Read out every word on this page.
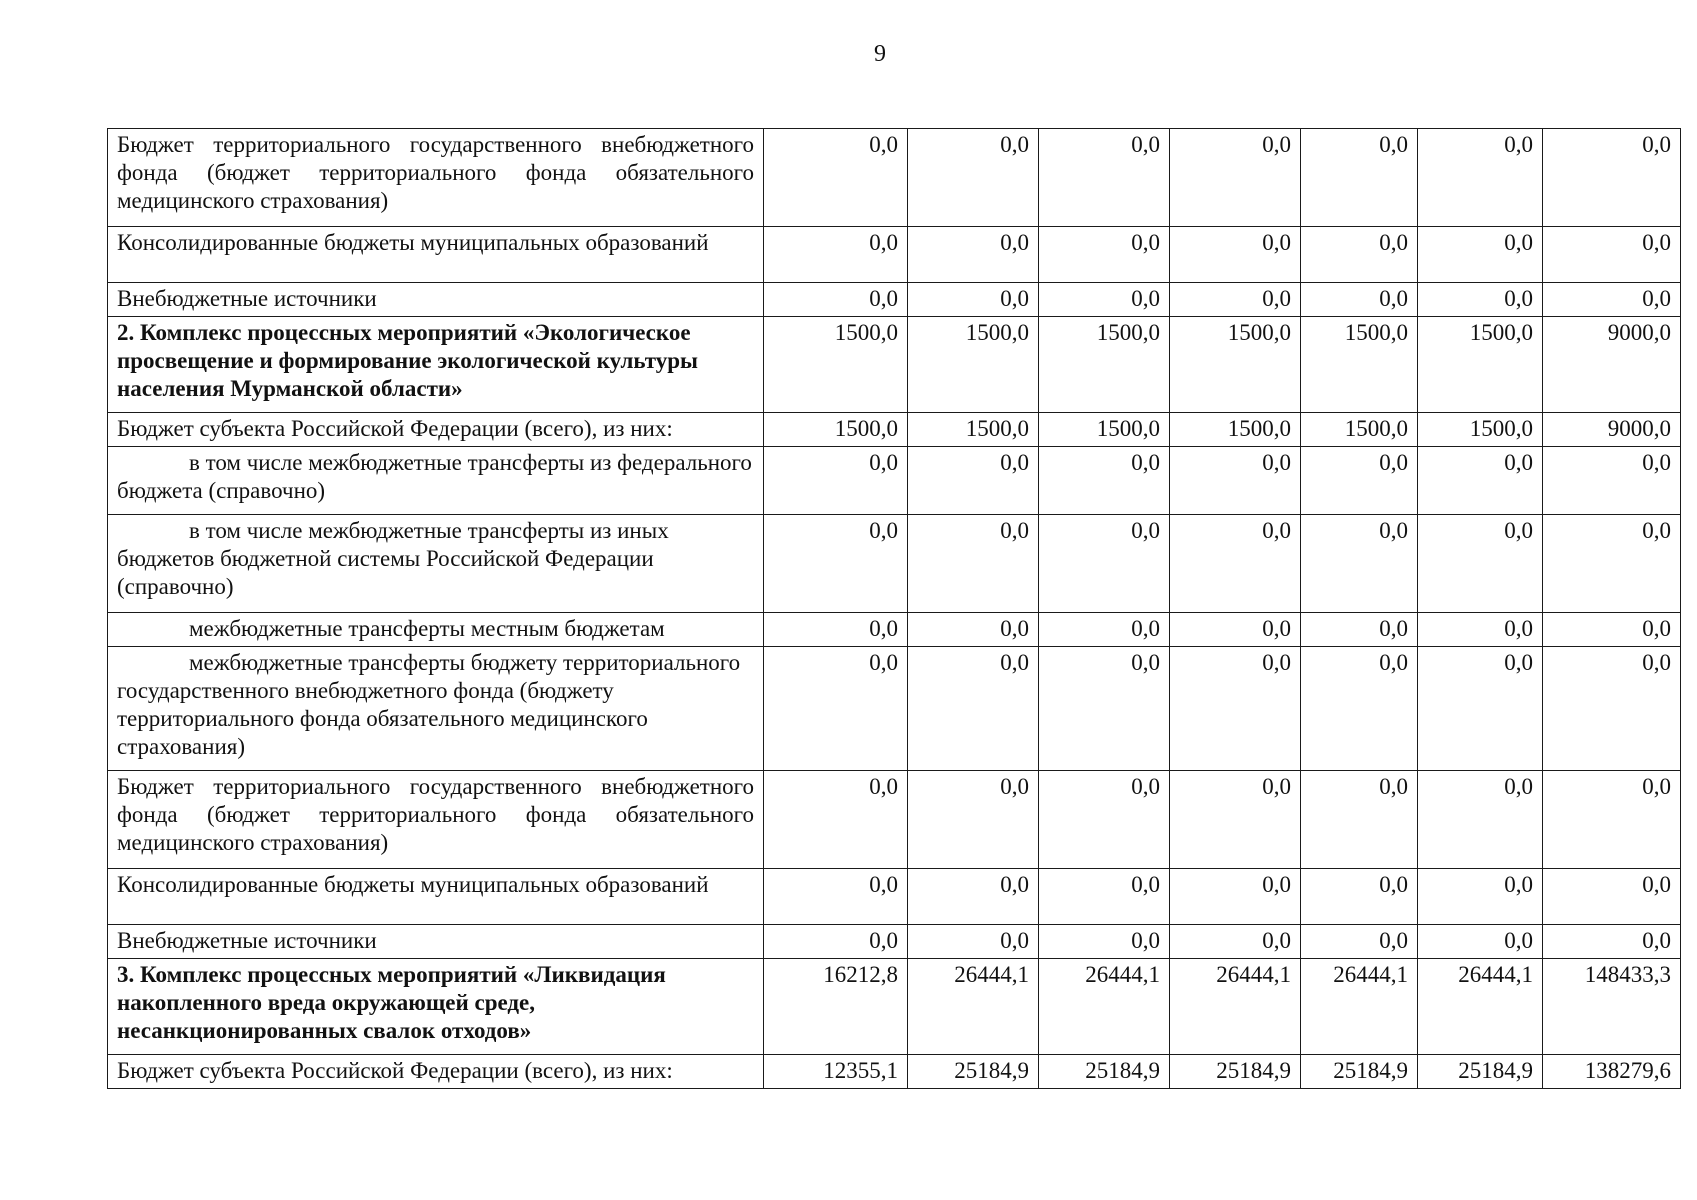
9
Бюджет территориального государственного внебюджетного фонда (бюджет территориального фонда обязательного медицинского страхования)	0,0	0,0	0,0	0,0	0,0	0,0	0,0
Консолидированные бюджеты муниципальных образований	0,0	0,0	0,0	0,0	0,0	0,0	0,0
Внебюджетные источники	0,0	0,0	0,0	0,0	0,0	0,0	0,0
2. Комплекс процессных мероприятий «Экологическое просвещение и формирование экологической культуры населения Мурманской области»	1500,0	1500,0	1500,0	1500,0	1500,0	1500,0	9000,0
Бюджет субъекта Российской Федерации (всего), из них:	1500,0	1500,0	1500,0	1500,0	1500,0	1500,0	9000,0
в том числе межбюджетные трансферты из федерального бюджета (справочно)	0,0	0,0	0,0	0,0	0,0	0,0	0,0
в том числе межбюджетные трансферты из иных бюджетов бюджетной системы Российской Федерации (справочно)	0,0	0,0	0,0	0,0	0,0	0,0	0,0
межбюджетные трансферты местным бюджетам	0,0	0,0	0,0	0,0	0,0	0,0	0,0
межбюджетные трансферты бюджету территориального государственного внебюджетного фонда (бюджету территориального фонда обязательного медицинского страхования)	0,0	0,0	0,0	0,0	0,0	0,0	0,0
Бюджет территориального государственного внебюджетного фонда (бюджет территориального фонда обязательного медицинского страхования)	0,0	0,0	0,0	0,0	0,0	0,0	0,0
Консолидированные бюджеты муниципальных образований	0,0	0,0	0,0	0,0	0,0	0,0	0,0
Внебюджетные источники	0,0	0,0	0,0	0,0	0,0	0,0	0,0
3. Комплекс процессных мероприятий «Ликвидация накопленного вреда окружающей среде, несанкционированных свалок отходов»	16212,8	26444,1	26444,1	26444,1	26444,1	26444,1	148433,3
Бюджет субъекта Российской Федерации (всего), из них:	12355,1	25184,9	25184,9	25184,9	25184,9	25184,9	138279,6
